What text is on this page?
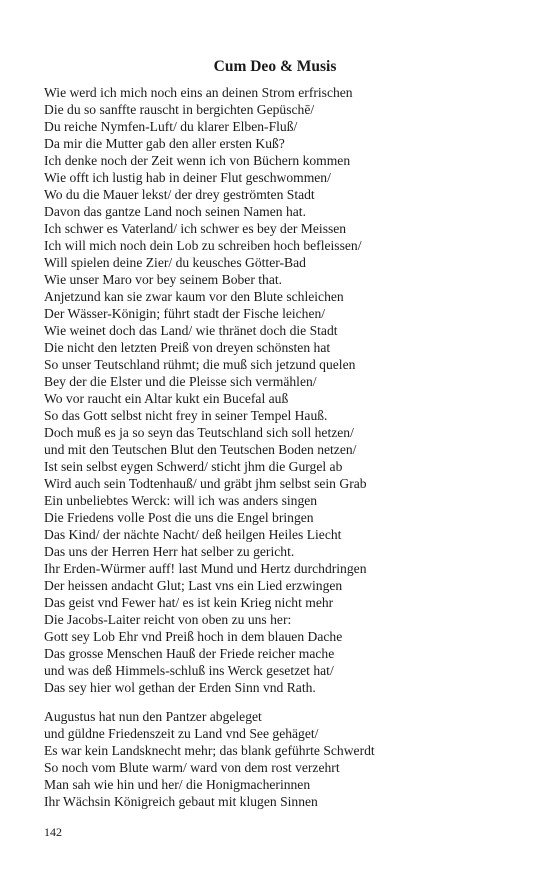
Cum Deo & Musis
Wie werd ich mich noch eins an deinen Strom erfrischen
Die du so sanffte rauscht in bergichten Gepüschē/
Du reiche Nymfen-Luft/ du klarer Elben-Fluß/
Da mir die Mutter gab den aller ersten Kuß?
Ich denke noch der Zeit wenn ich von Büchern kommen
Wie offt ich lustig hab in deiner Flut geschwommen/
Wo du die Mauer lekst/ der drey geströmten Stadt
Davon das gantze Land noch seinen Namen hat.
Ich schwer es Vaterland/ ich schwer es bey der Meissen
Ich will mich noch dein Lob zu schreiben hoch befleissen/
Will spielen deine Zier/ du keusches Götter-Bad
Wie unser Maro vor bey seinem Bober that.
Anjetzund kan sie zwar kaum vor den Blute schleichen
Der Wässer-Königin; führt stadt der Fische leichen/
Wie weinet doch das Land/ wie thränet doch die Stadt
Die nicht den letzten Preiß von dreyen schönsten hat
So unser Teutschland rühmt; die muß sich jetzund quelen
Bey der die Elster und die Pleisse sich vermählen/
Wo vor raucht ein Altar kukt ein Bucefal auß
So das Gott selbst nicht frey in seiner Tempel Hauß.
Doch muß es ja so seyn das Teutschland sich soll hetzen/
und mit den Teutschen Blut den Teutschen Boden netzen/
Ist sein selbst eygen Schwerd/ sticht jhm die Gurgel ab
Wird auch sein Todtenhauß/ und gräbt jhm selbst sein Grab
Ein unbeliebtes Werck: will ich was anders singen
Die Friedens volle Post die uns die Engel bringen
Das Kind/ der nächte Nacht/ deß heilgen Heiles Liecht
Das uns der Herren Herr hat selber zu gericht.
Ihr Erden-Würmer auff! last Mund und Hertz durchdringen
Der heissen andacht Glut; Last vns ein Lied erzwingen
Das geist vnd Fewer hat/ es ist kein Krieg nicht mehr
Die Jacobs-Laiter reicht von oben zu uns her:
Gott sey Lob Ehr vnd Preiß hoch in dem blauen Dache
Das grosse Menschen Hauß der Friede reicher mache
und was deß Himmels-schluß ins Werck gesetzet hat/
Das sey hier wol gethan der Erden Sinn vnd Rath.
Augustus hat nun den Pantzer abgeleget
und güldne Friedenszeit zu Land vnd See gehäget/
Es war kein Landsknecht mehr; das blank geführte Schwerdt
So noch vom Blute warm/ ward von dem rost verzehrt
Man sah wie hin und her/ die Honigmacherinnen
Ihr Wächsin Königreich gebaut mit klugen Sinnen
142
